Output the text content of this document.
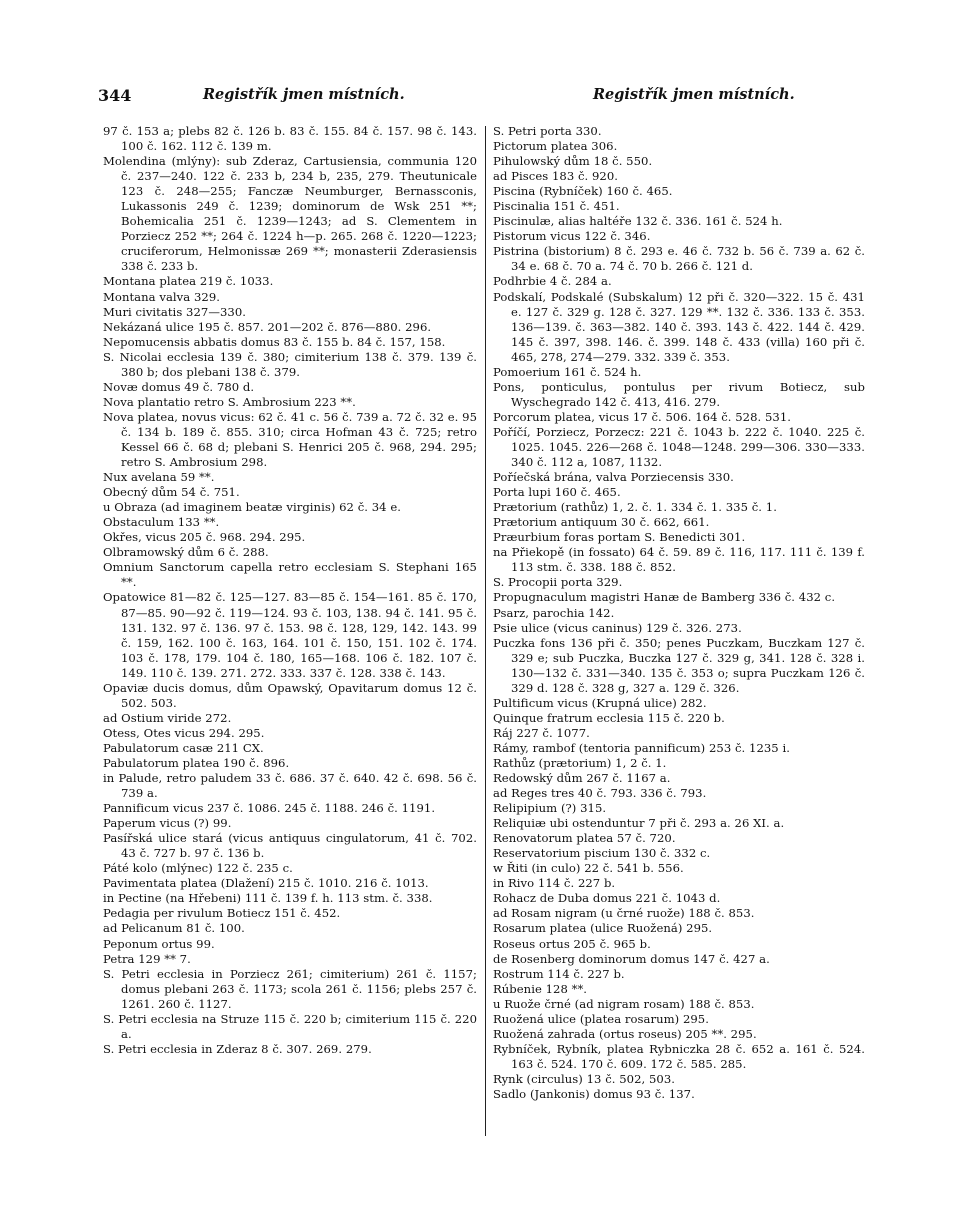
344	Registřík jmen místních.	Registřík jmen místních.
97 č. 153 a; plebs 82 č. 126 b. 83 č. 155. 84 č. 157. 98 č. 143. 100 č. 162. 112 č. 139 m.
Molendina (mlýny): sub Zderaz, Cartusiensia, communia 120 č. 237—240. 122 č. 233 b, 234 b, 235, 279. Theutunicale 123 č. 248—255; Fanczæ Neumburger, Bernassconis, Lukassonis 249 č. 1239; dominorum de Wsk 251 **; Bohemicalia 251 č. 1239—1243; ad S. Clementem in Porziecz 252 **; 264 č. 1224 h—p. 265. 268 č. 1220—1223; cruciferorum, Helmonissæ 269 **; monasterii Zderasiensis 338 č. 233 b.
Montana platea 219 č. 1033.
Montana valva 329.
Muri civitatis 327—330.
Nekázaná ulice 195 č. 857. 201—202 č. 876—880. 296.
Nepomucensis abbatis domus 83 č. 155 b. 84 č. 157, 158.
S. Nicolai ecclesia 139 č. 380; cimiterium 138 č. 379. 139 č. 380 b; dos plebani 138 č. 379.
Novæ domus 49 č. 780 d.
Nova plantatio retro S. Ambrosium 223 **.
Nova platea, novus vicus: 62 č. 41 c. 56 č. 739 a. 72 č. 32 e. 95 č. 134 b. 189 č. 855. 310; circa Hofman 43 č. 725; retro Kessel 66 č. 68 d; plebani S. Henrici 205 č. 968, 294. 295; retro S. Ambrosium 298.
Nux avelana 59 **.
Obecný dům 54 č. 751.
u Obraza (ad imaginem beatæ virginis) 62 č. 34 e.
Obstaculum 133 **.
Okřes, vicus 205 č. 968. 294. 295.
Olbramowský dům 6 č. 288.
Omnium Sanctorum capella retro ecclesiam S. Stephani 165 **.
Opatowice 81—82 č. 125—127. 83—85 č. 154—161. 85 č. 170, 87—85. 90—92 č. 119—124. 93 č. 103, 138. 94 č. 141. 95 č. 131. 132. 97 č. 136. 97 č. 153. 98 č. 128, 129, 142. 143. 99 č. 159, 162. 100 č. 163, 164. 101 č. 150, 151. 102 č. 174. 103 č. 178, 179. 104 č. 180, 165—168. 106 č. 182. 107 č. 149. 110 č. 139. 271. 272. 333. 337 č. 128. 338 č. 143.
Opaviæ ducis domus, dům Opawský, Opavitarum domus 12 č. 502. 503.
ad Ostium viride 272.
Otess, Otes vicus 294. 295.
Pabulatorum casæ 211 CX.
Pabulatorum platea 190 č. 896.
in Palude, retro paludem 33 č. 686. 37 č. 640. 42 č. 698. 56 č. 739 a.
Pannificum vicus 237 č. 1086. 245 č. 1188. 246 č. 1191.
Paperum vicus (?) 99.
Pasířská ulice stará (vicus antiquus cingulatorum, 41 č. 702. 43 č. 727 b. 97 č. 136 b.
Páté kolo (mlýnec) 122 č. 235 c.
Pavimentata platea (Dlažení) 215 č. 1010. 216 č. 1013.
in Pectine (na Hřebeni) 111 č. 139 f. h. 113 stm. č. 338.
Pedagia per rivulum Botiecz 151 č. 452.
ad Pelicanum 81 č. 100.
Peponum ortus 99.
Petra 129 ** 7.
S. Petri ecclesia in Porziecz 261; cimiterium) 261 č. 1157; domus plebani 263 č. 1173; scola 261 č. 1156; plebs 257 č. 1261. 260 č. 1127.
S. Petri ecclesia na Struze 115 č. 220 b; cimiterium 115 č. 220 a.
S. Petri ecclesia in Zderaz 8 č. 307. 269. 279.
S. Petri porta 330.
Pictorum platea 306.
Pihulowský dům 18 č. 550.
ad Pisces 183 č. 920.
Piscina (Rybníček) 160 č. 465.
Piscinalia 151 č. 451.
Piscinulæ, alias haltéře 132 č. 336. 161 č. 524 h.
Pistorum vicus 122 č. 346.
Pistrina (bistorium) 8 č. 293 e. 46 č. 732 b. 56 č. 739 a. 62 č. 34 e. 68 č. 70 a. 74 č. 70 b. 266 č. 121 d.
Podhrbie 4 č. 284 a.
Podskalí, Podskalé (Subskalum) 12 při č. 320—322. 15 č. 431 e. 127 č. 329 g. 128 č. 327. 129 **. 132 č. 336. 133 č. 353. 136—139. č. 363—382. 140 č. 393. 143 č. 422. 144 č. 429. 145 č. 397, 398. 146. č. 399. 148 č. 433 (villa) 160 při č. 465, 278, 274—279. 332. 339 č. 353.
Pomoerium 161 č. 524 h.
Pons, ponticulus, pontulus per rivum Botiecz, sub Wyschegrado 142 č. 413, 416. 279.
Porcorum platea, vicus 17 č. 506. 164 č. 528. 531.
Poříčí, Porziecz, Porzecz: 221 č. 1043 b. 222 č. 1040. 225 č. 1025. 1045. 226—268 č. 1048—1248. 299—306. 330—333. 340 č. 112 a, 1087, 1132.
Poříečská brána, valva Porziecensis 330.
Porta lupi 160 č. 465.
Prætorium (rathůz) 1, 2. č. 1. 334 č. 1. 335 č. 1.
Prætorium antiquum 30 č. 662, 661.
Præurbium foras portam S. Benedicti 301.
na Přiekopě (in fossato) 64 č. 59. 89 č. 116, 117. 111 č. 139 f. 113 stm. č. 338. 188 č. 852.
S. Procopii porta 329.
Propugnaculum magistri Hanæ de Bamberg 336 č. 432 c.
Psarz, parochia 142.
Psie ulice (vicus caninus) 129 č. 326. 273.
Puczka fons 136 při č. 350; penes Puczkam, Buczkam 127 č. 329 e; sub Puczka, Buczka 127 č. 329 g, 341. 128 č. 328 i. 130—132 č. 331—340. 135 č. 353 o; supra Puczkam 126 č. 329 d. 128 č. 328 g, 327 a. 129 č. 326.
Pultificum vicus (Krupná ulice) 282.
Quinque fratrum ecclesia 115 č. 220 b.
Ráj 227 č. 1077.
Rámy, rambof (tentoria pannificum) 253 č. 1235 i.
Rathůz (prætorium) 1, 2 č. 1.
Redowský dům 267 č. 1167 a.
ad Reges tres 40 č. 793. 336 č. 793.
Relipipium (?) 315.
Reliquiæ ubi ostenduntur 7 při č. 293 a. 26 XI. a.
Renovatorum platea 57 č. 720.
Reservatorium piscium 130 č. 332 c.
w Řiti (in culo) 22 č. 541 b. 556.
in Rivo 114 č. 227 b.
Rohacz de Duba domus 221 č. 1043 d.
ad Rosam nigram (u črné ruože) 188 č. 853.
Rosarum platea (ulice Ruožená) 295.
Roseus ortus 205 č. 965 b.
de Rosenberg dominorum domus 147 č. 427 a.
Rostrum 114 č. 227 b.
Rúbenie 128 **.
u Ruože črné (ad nigram rosam) 188 č. 853.
Ruožená ulice (platea rosarum) 295.
Ruožená zahrada (ortus roseus) 205 **. 295.
Rybníček, Rybník, platea Rybniczka 28 č. 652 a. 161 č. 524. 163 č. 524. 170 č. 609. 172 č. 585. 285.
Rynk (circulus) 13 č. 502, 503.
Sadlo (Jankonis) domus 93 č. 137.
